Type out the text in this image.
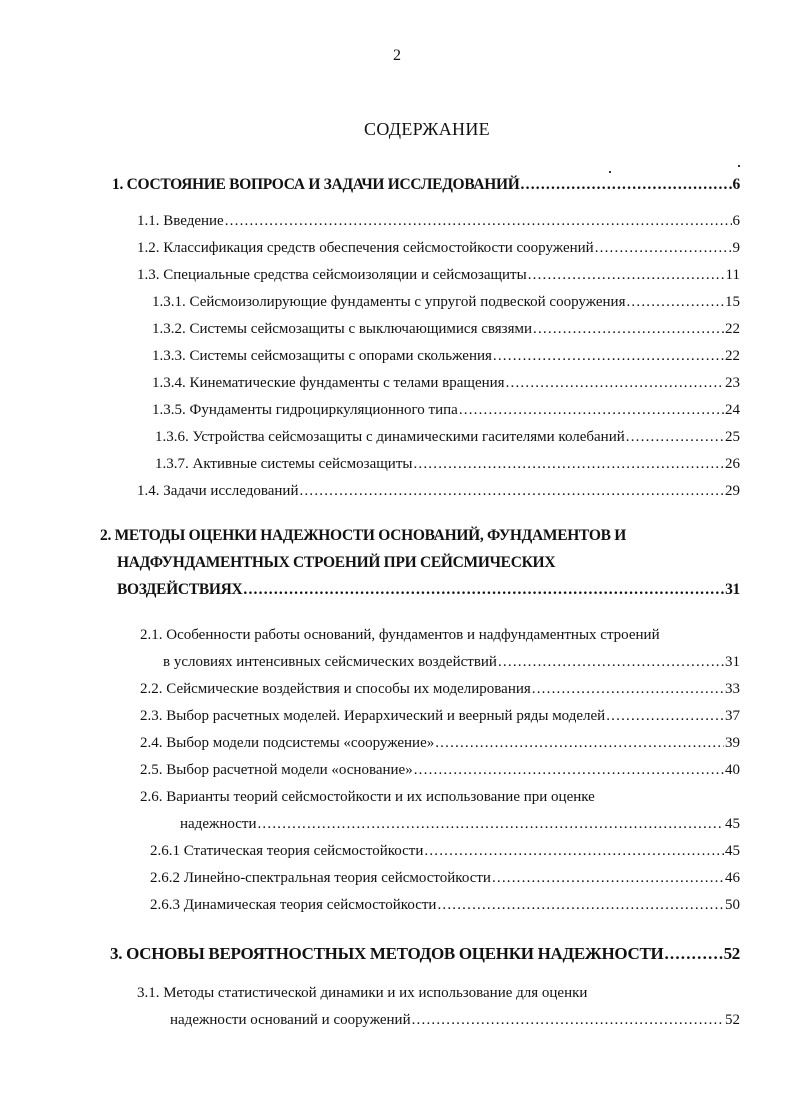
2
СОДЕРЖАНИЕ
1. СОСТОЯНИЕ ВОПРОСА И ЗАДАЧИ ИССЛЕДОВАНИЙ .....	6
1.1. Введение .....	6
1.2. Классификация средств обеспечения сейсмостойкости сооружений .....	9
1.3. Специальные средства сейсмоизоляции и сейсмозащиты .....	11
1.3.1. Сейсмоизолирующие фундаменты с упругой подвеской сооружения .....	15
1.3.2. Системы сейсмозащиты с выключающимися связями .....	22
1.3.3. Системы сейсмозащиты с опорами скольжения .....	22
1.3.4. Кинематические фундаменты с телами вращения .....	23
1.3.5. Фундаменты гидроциркуляционного типа .....	24
1.3.6. Устройства сейсмозащиты с динамическими гасителями колебаний .....	25
1.3.7. Активные системы сейсмозащиты .....	26
1.4. Задачи исследований .....	29
2. МЕТОДЫ ОЦЕНКИ НАДЕЖНОСТИ ОСНОВАНИЙ, ФУНДАМЕНТОВ И
НАДФУНДАМЕНТНЫХ СТРОЕНИЙ ПРИ СЕЙСМИЧЕСКИХ
ВОЗДЕЙСТВИЯХ .....	31
2.1. Особенности работы оснований, фундаментов и надфундаментных строений
в условиях интенсивных сейсмических воздействий .....	31
2.2. Сейсмические воздействия и способы их моделирования .....	33
2.3. Выбор расчетных моделей. Иерархический и веерный ряды моделей .....	37
2.4. Выбор модели подсистемы «сооружение» .....	39
2.5. Выбор расчетной модели «основание» .....	40
2.6. Варианты теорий сейсмостойкости и их использование при оценке
надежности .....	45
2.6.1 Статическая теория сейсмостойкости .....	45
2.6.2 Линейно-спектральная теория сейсмостойкости .....	46
2.6.3 Динамическая теория сейсмостойкости .....	50
3. ОСНОВЫ ВЕРОЯТНОСТНЫХ МЕТОДОВ ОЦЕНКИ НАДЕЖНОСТИ .....	52
3.1. Методы статистической динамики и их использование для оценки
надежности оснований и сооружений .....	52
